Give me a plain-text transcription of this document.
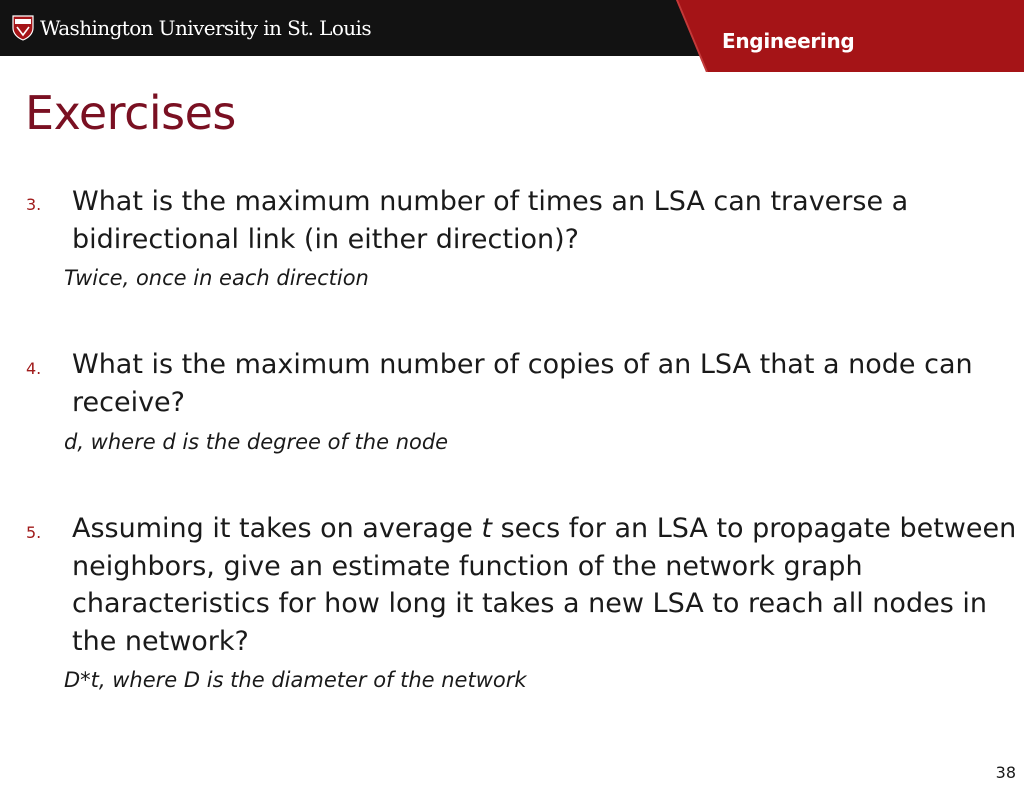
Washington University in St. Louis
Engineering
Exercises
3. What is the maximum number of times an LSA can traverse a bidirectional link (in either direction)?
Twice, once in each direction
4. What is the maximum number of copies of an LSA that a node can receive?
d, where d is the degree of the node
5. Assuming it takes on average t secs for an LSA to propagate between neighbors, give an estimate function of the network graph characteristics for how long it takes a new LSA to reach all nodes in the network?
D*t, where D is the diameter of the network
38
